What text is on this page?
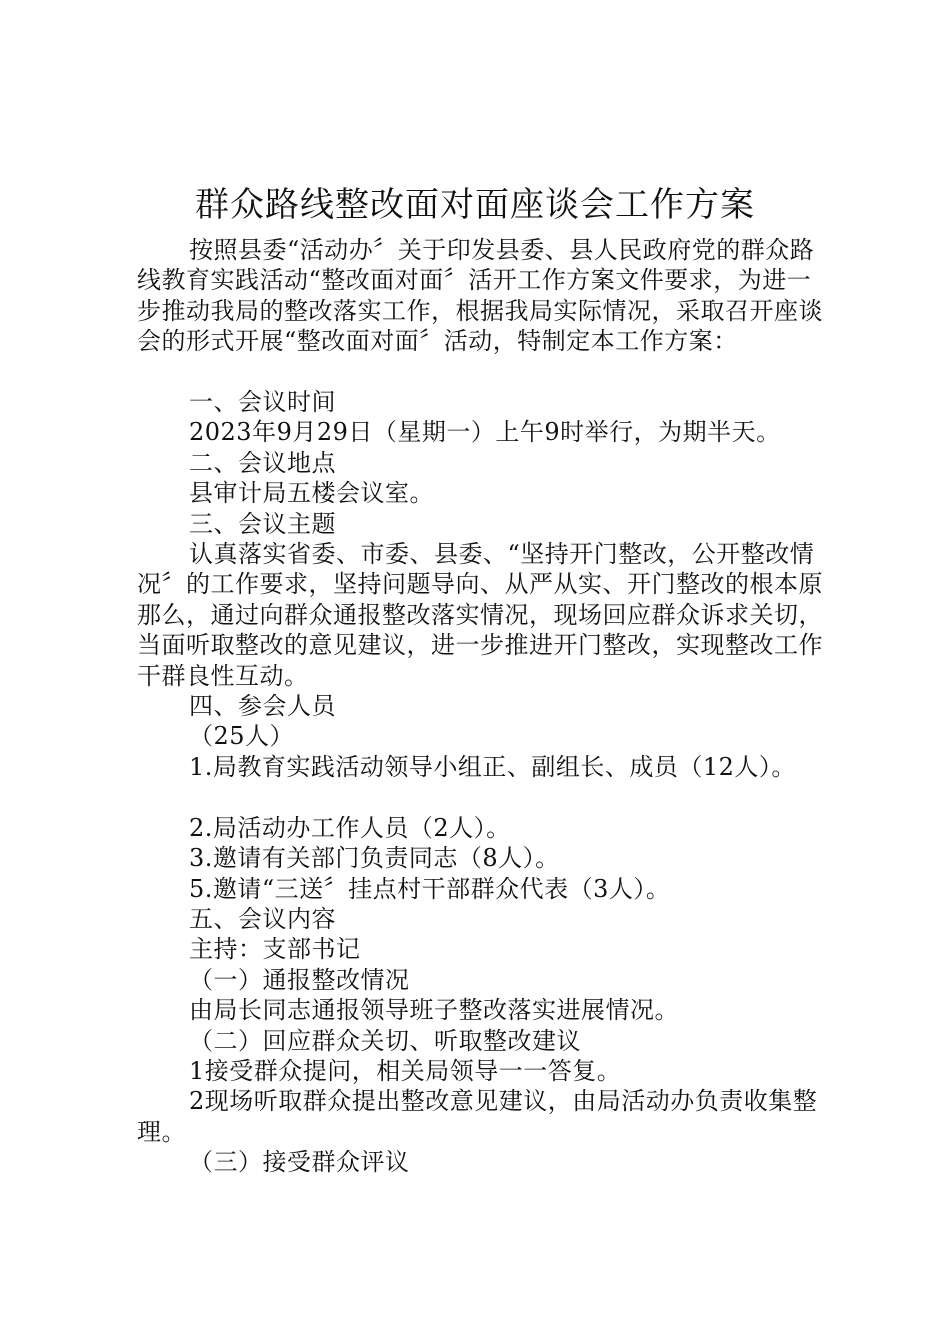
群众路线整改面对面座谈会工作方案

按照县委“活动办〞关于印发县委、县人民政府党的群众路线教育实践活动“整改面对面〞活开工作方案文件要求，为进一步推动我局的整改落实工作，根据我局实际情况，采取召开座谈会的形式开展“整改面对面〞活动，特制定本工作方案：

一、会议时间

2023年9月29日（星期一）上午9时举行，为期半天。

二、会议地点

县审计局五楼会议室。

三、会议主题

认真落实省委、市委、县委、“坚持开门整改，公开整改情况〞的工作要求，坚持问题导向、从严从实、开门整改的根本原那么，通过向群众通报整改落实情况，现场回应群众诉求关切，当面听取整改的意见建议，进一步推进开门整改，实现整改工作干群良性互动。

四、参会人员

（25人）

1.局教育实践活动领导小组正、副组长、成员（12人）。

2.局活动办工作人员（2人）。

3.邀请有关部门负责同志（8人）。

5.邀请“三送〞挂点村干部群众代表（3人）。

五、会议内容

主持：支部书记

（一）通报整改情况

由局长同志通报领导班子整改落实进展情况。

（二）回应群众关切、听取整改建议

1接受群众提问，相关局领导一一答复。

2现场听取群众提出整改意见建议，由局活动办负责收集整理。

（三）接受群众评议
